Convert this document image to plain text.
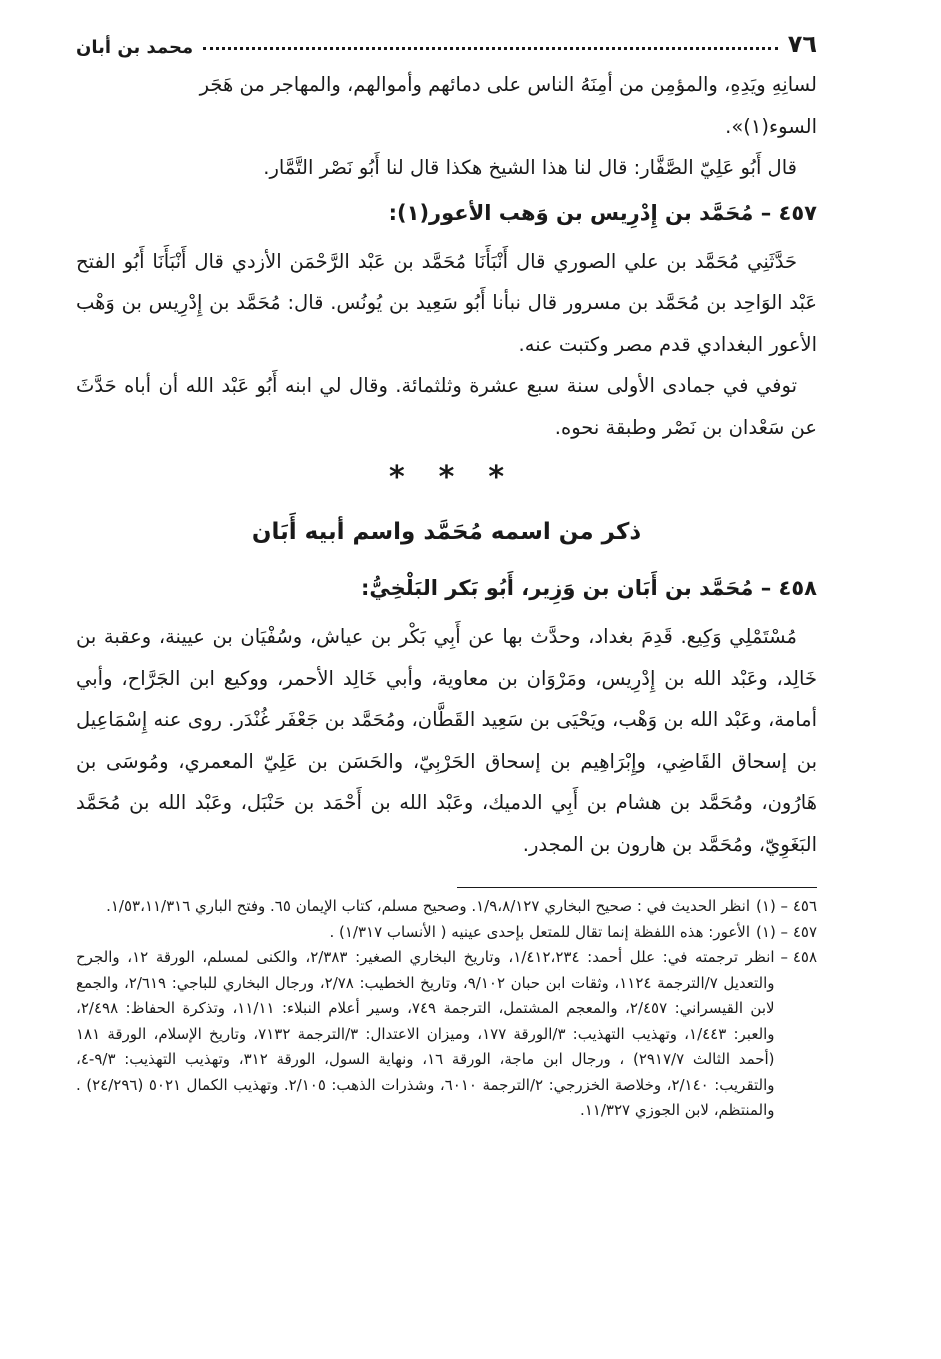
٧٦
محمد بن أبان

لسانِهِ ويَدِهِ، والمؤمِن من أمِنَهُ الناس على دمائهم وأموالهم، والمهاجر من هَجَر

السوء(١)».

قال أَبُو عَلِيّ الصَّفَّار: قال لنا هذا الشيخ هكذا قال لنا أَبُو نَصْر التَّمَّار.

٤٥٧ – مُحَمَّد بن إِدْرِيس بن وَهب الأعور(١):

حَدَّثَنِي مُحَمَّد بن علي الصوري قال أَنْبَأَنَا مُحَمَّد بن عَبْد الرَّحْمَن الأزدي قال أَنْبَأَنَا أَبُو الفتح عَبْد الوَاحِد بن مُحَمَّد بن مسرور قال نبأنا أَبُو سَعِيد بن يُونُس. قال: مُحَمَّد بن إِدْرِيس بن وَهْب الأعور البغدادي قدم مصر وكتبت عنه.

توفي في جمادى الأولى سنة سبع عشرة وثلثمائة. وقال لي ابنه أَبُو عَبْد الله أن أباه حَدَّثَ عن سَعْدان بن نَصْر وطبقة نحوه.

*
*
*
ذكر من اسمه مُحَمَّد واسم أبيه أَبَان
٤٥٨ – مُحَمَّد بن أَبَان بن وَزِير، أَبُو بَكر البَلْخِيُّ:

مُسْتَمْلِي وَكِيع. قَدِمَ بغداد، وحدَّث بها عن أَبِي بَكْر بن عياش، وسُفْيَان بن عيينة، وعقبة بن خَالِد، وعَبْد الله بن إِدْرِيس، ومَرْوَان بن معاوية، وأبي خَالِد الأحمر، ووكيع ابن الجَرَّاح، وأبي أمامة، وعَبْد الله بن وَهْب، ويَحْيَى بن سَعِيد القَطَّان، ومُحَمَّد بن جَعْفَر غُنْدَر. روى عنه إِسْمَاعِيل بن إسحاق القَاضِي، وإِبْرَاهِيم بن إسحاق الحَرْبِيّ، والحَسَن بن عَلِيّ المعمري، ومُوسَى بن هَارُون، ومُحَمَّد بن هشام بن أَبِي الدميك، وعَبْد الله بن أَحْمَد بن حَنْبَل، وعَبْد الله بن مُحَمَّد البَغَوِيّ، ومُحَمَّد بن هارون بن المجدر.

٤٥٦ – (١)
انظر الحديث في : صحيح البخاري ١/٩،٨/١٢٧. وصحيح مسلم، كتاب الإيمان ٦٥. وفتح الباري ١/٥٣،١١/٣١٦.
٤٥٧ – (١)
الأعور: هذه اللفظة إنما تقال للمتعل بإحدى عينيه ( الأنساب ١/٣١٧) .
٤٥٨ –
انظر ترجمته في: علل أحمد: ١/٤١٢،٢٣٤، وتاريخ البخاري الصغير: ٢/٣٨٣، والكنى لمسلم، الورقة ١٢، والجرح والتعديل ٧/الترجمة ١١٢٤، وثقات ابن حبان ٩/١٠٢، وتاريخ الخطيب: ٢/٧٨، ورجال البخاري للباجي: ٢/٦١٩، والجمع لابن القيسراني: ٢/٤٥٧، والمعجم المشتمل، الترجمة ٧٤٩، وسير أعلام النبلاء: ١١/١١، وتذكرة الحفاظ: ٢/٤٩٨، والعبر: ١/٤٤٣، وتهذيب التهذيب: ٣/الورقة ١٧٧، وميزان الاعتدال: ٣/الترجمة ٧١٣٢، وتاريخ الإسلام، الورقة ١٨١ (أحمد الثالث ٢٩١٧/٧) ، ورجال ابن ماجة، الورقة ١٦، ونهاية السول، الورقة ٣١٢، وتهذيب التهذيب: ٩/٣-٤، والتقريب: ٢/١٤٠، وخلاصة الخزرجي: ٢/الترجمة ٦٠١٠، وشذرات الذهب: ٢/١٠٥. وتهذيب الكمال ٥٠٢١ (٢٤/٢٩٦) . والمنتظم، لابن الجوزي ١١/٣٢٧.
